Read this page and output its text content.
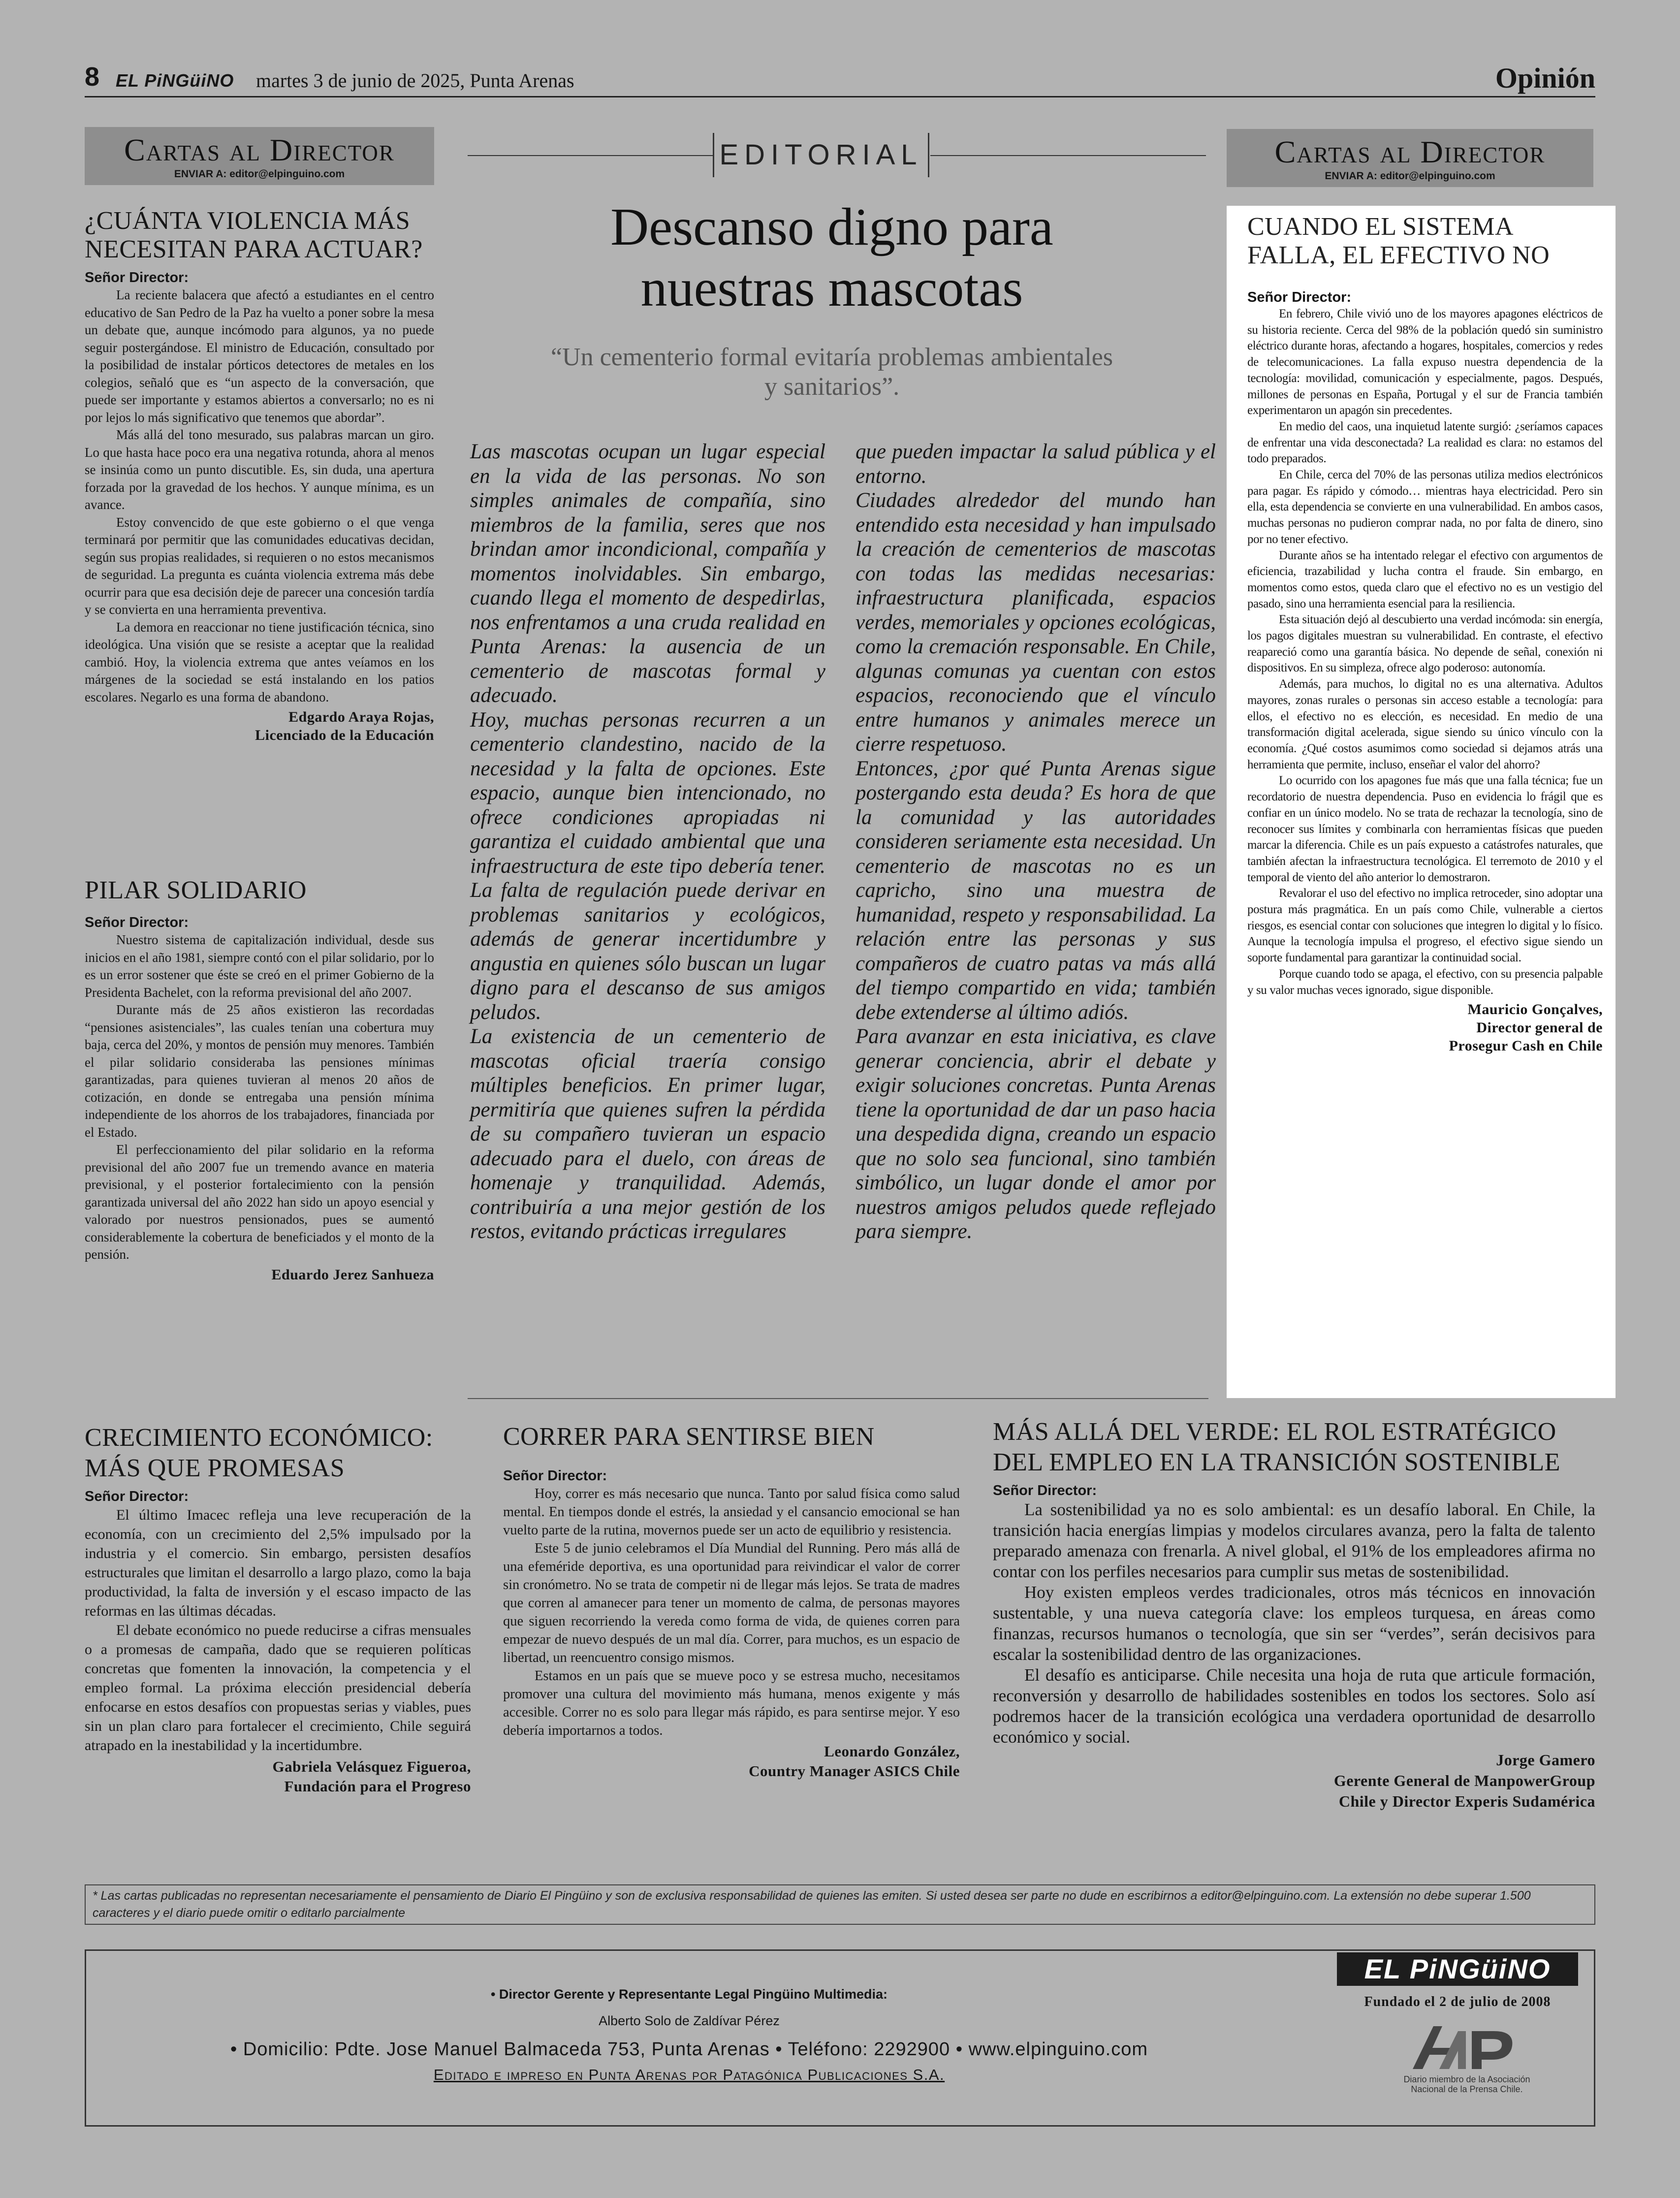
8 EL PiNGüiNO martes 3 de junio de 2025, Punta Arenas	Opinión
Cartas al Director
ENVIAR A: editor@elpinguino.com
¿CUÁNTA VIOLENCIA MÁS NECESITAN PARA ACTUAR?
Señor Director:

La reciente balacera que afectó a estudiantes en el centro educativo de San Pedro de la Paz ha vuelto a poner sobre la mesa un debate que, aunque incómodo para algunos, ya no puede seguir postergándose. El ministro de Educación, consultado por la posibilidad de instalar pórticos detectores de metales en los colegios, señaló que es “un aspecto de la conversación, que puede ser importante y estamos abiertos a conversarlo; no es ni por lejos lo más significativo que tenemos que abordar”.

Más allá del tono mesurado, sus palabras marcan un giro. Lo que hasta hace poco era una negativa rotunda, ahora al menos se insinúa como un punto discutible. Es, sin duda, una apertura forzada por la gravedad de los hechos. Y aunque mínima, es un avance.

Estoy convencido de que este gobierno o el que venga terminará por permitir que las comunidades educativas decidan, según sus propias realidades, si requieren o no estos mecanismos de seguridad. La pregunta es cuánta violencia extrema más debe ocurrir para que esa decisión deje de parecer una concesión tardía y se convierta en una herramienta preventiva.

La demora en reaccionar no tiene justificación técnica, sino ideológica. Una visión que se resiste a aceptar que la realidad cambió. Hoy, la violencia extrema que antes veíamos en los márgenes de la sociedad se está instalando en los patios escolares. Negarlo es una forma de abandono.

Edgardo Araya Rojas,
Licenciado de la Educación
PILAR SOLIDARIO
Señor Director:

Nuestro sistema de capitalización individual, desde sus inicios en el año 1981, siempre contó con el pilar solidario, por lo es un error sostener que éste se creó en el primer Gobierno de la Presidenta Bachelet, con la reforma previsional del año 2007.

Durante más de 25 años existieron las recordadas “pensiones asistenciales”, las cuales tenían una cobertura muy baja, cerca del 20%, y montos de pensión muy menores. También el pilar solidario consideraba las pensiones mínimas garantizadas, para quienes tuvieran al menos 20 años de cotización, en donde se entregaba una pensión mínima independiente de los ahorros de los trabajadores, financiada por el Estado.

El perfeccionamiento del pilar solidario en la reforma previsional del año 2007 fue un tremendo avance en materia previsional, y el posterior fortalecimiento con la pensión garantizada universal del año 2022 han sido un apoyo esencial y valorado por nuestros pensionados, pues se aumentó considerablemente la cobertura de beneficiados y el monto de la pensión.

Eduardo Jerez Sanhueza
EDITORIAL
Descanso digno para nuestras mascotas
“Un cementerio formal evitaría problemas ambientales y sanitarios”.
Las mascotas ocupan un lugar especial en la vida de las personas. No son simples animales de compañía, sino miembros de la familia, seres que nos brindan amor incondicional, compañía y momentos inolvidables. Sin embargo, cuando llega el momento de despedirlas, nos enfrentamos a una cruda realidad en Punta Arenas: la ausencia de un cementerio de mascotas formal y adecuado.
Hoy, muchas personas recurren a un cementerio clandestino, nacido de la necesidad y la falta de opciones. Este espacio, aunque bien intencionado, no ofrece condiciones apropiadas ni garantiza el cuidado ambiental que una infraestructura de este tipo debería tener. La falta de regulación puede derivar en problemas sanitarios y ecológicos, además de generar incertidumbre y angustia en quienes sólo buscan un lugar digno para el descanso de sus amigos peludos.
La existencia de un cementerio de mascotas oficial traería consigo múltiples beneficios. En primer lugar, permitiría que quienes sufren la pérdida de su compañero tuvieran un espacio adecuado para el duelo, con áreas de homenaje y tranquilidad. Además, contribuiría a una mejor gestión de los restos, evitando prácticas irregulares
que pueden impactar la salud pública y el entorno.
Ciudades alrededor del mundo han entendido esta necesidad y han impulsado la creación de cementerios de mascotas con todas las medidas necesarias: infraestructura planificada, espacios verdes, memoriales y opciones ecológicas, como la cremación responsable. En Chile, algunas comunas ya cuentan con estos espacios, reconociendo que el vínculo entre humanos y animales merece un cierre respetuoso.
Entonces, ¿por qué Punta Arenas sigue postergando esta deuda? Es hora de que la comunidad y las autoridades consideren seriamente esta necesidad. Un cementerio de mascotas no es un capricho, sino una muestra de humanidad, respeto y responsabilidad. La relación entre las personas y sus compañeros de cuatro patas va más allá del tiempo compartido en vida; también debe extenderse al último adiós.
Para avanzar en esta iniciativa, es clave generar conciencia, abrir el debate y exigir soluciones concretas. Punta Arenas tiene la oportunidad de dar un paso hacia una despedida digna, creando un espacio que no solo sea funcional, sino también simbólico, un lugar donde el amor por nuestros amigos peludos quede reflejado para siempre.
Cartas al Director
ENVIAR A: editor@elpinguino.com
CUANDO EL SISTEMA FALLA, EL EFECTIVO NO
Señor Director:

En febrero, Chile vivió uno de los mayores apagones eléctricos de su historia reciente. Cerca del 98% de la población quedó sin suministro eléctrico durante horas, afectando a hogares, hospitales, comercios y redes de telecomunicaciones. La falla expuso nuestra dependencia de la tecnología: movilidad, comunicación y especialmente, pagos. Después, millones de personas en España, Portugal y el sur de Francia también experimentaron un apagón sin precedentes.

En medio del caos, una inquietud latente surgió: ¿seríamos capaces de enfrentar una vida desconectada? La realidad es clara: no estamos del todo preparados.

En Chile, cerca del 70% de las personas utiliza medios electrónicos para pagar. Es rápido y cómodo… mientras haya electricidad. Pero sin ella, esta dependencia se convierte en una vulnerabilidad. En ambos casos, muchas personas no pudieron comprar nada, no por falta de dinero, sino por no tener efectivo.

Durante años se ha intentado relegar el efectivo con argumentos de eficiencia, trazabilidad y lucha contra el fraude. Sin embargo, en momentos como estos, queda claro que el efectivo no es un vestigio del pasado, sino una herramienta esencial para la resiliencia.

Esta situación dejó al descubierto una verdad incómoda: sin energía, los pagos digitales muestran su vulnerabilidad. En contraste, el efectivo reapareció como una garantía básica. No depende de señal, conexión ni dispositivos. En su simpleza, ofrece algo poderoso: autonomía.

Además, para muchos, lo digital no es una alternativa. Adultos mayores, zonas rurales o personas sin acceso estable a tecnología: para ellos, el efectivo no es elección, es necesidad. En medio de una transformación digital acelerada, sigue siendo su único vínculo con la economía. ¿Qué costos asumimos como sociedad si dejamos atrás una herramienta que permite, incluso, enseñar el valor del ahorro?

Lo ocurrido con los apagones fue más que una falla técnica; fue un recordatorio de nuestra dependencia. Puso en evidencia lo frágil que es confiar en un único modelo. No se trata de rechazar la tecnología, sino de reconocer sus límites y combinarla con herramientas físicas que pueden marcar la diferencia. Chile es un país expuesto a catástrofes naturales, que también afectan la infraestructura tecnológica. El terremoto de 2010 y el temporal de viento del año anterior lo demostraron.

Revalorar el uso del efectivo no implica retroceder, sino adoptar una postura más pragmática. En un país como Chile, vulnerable a ciertos riesgos, es esencial contar con soluciones que integren lo digital y lo físico. Aunque la tecnología impulsa el progreso, el efectivo sigue siendo un soporte fundamental para garantizar la continuidad social.

Porque cuando todo se apaga, el efectivo, con su presencia palpable y su valor muchas veces ignorado, sigue disponible.

Mauricio Gonçalves,
Director general de
Prosegur Cash en Chile
CRECIMIENTO ECONÓMICO: MÁS QUE PROMESAS
Señor Director:

El último Imacec refleja una leve recuperación de la economía, con un crecimiento del 2,5% impulsado por la industria y el comercio. Sin embargo, persisten desafíos estructurales que limitan el desarrollo a largo plazo, como la baja productividad, la falta de inversión y el escaso impacto de las reformas en las últimas décadas.

El debate económico no puede reducirse a cifras mensuales o a promesas de campaña, dado que se requieren políticas concretas que fomenten la innovación, la competencia y el empleo formal. La próxima elección presidencial debería enfocarse en estos desafíos con propuestas serias y viables, pues sin un plan claro para fortalecer el crecimiento, Chile seguirá atrapado en la inestabilidad y la incertidumbre.

Gabriela Velásquez Figueroa,
Fundación para el Progreso
CORRER PARA SENTIRSE BIEN
Señor Director:

Hoy, correr es más necesario que nunca. Tanto por salud física como salud mental. En tiempos donde el estrés, la ansiedad y el cansancio emocional se han vuelto parte de la rutina, movernos puede ser un acto de equilibrio y resistencia.

Este 5 de junio celebramos el Día Mundial del Running. Pero más allá de una efeméride deportiva, es una oportunidad para reivindicar el valor de correr sin cronómetro. No se trata de competir ni de llegar más lejos. Se trata de madres que corren al amanecer para tener un momento de calma, de personas mayores que siguen recorriendo la vereda como forma de vida, de quienes corren para empezar de nuevo después de un mal día. Correr, para muchos, es un espacio de libertad, un reencuentro consigo mismos.

Estamos en un país que se mueve poco y se estresa mucho, necesitamos promover una cultura del movimiento más humana, menos exigente y más accesible. Correr no es solo para llegar más rápido, es para sentirse mejor. Y eso debería importarnos a todos.

Leonardo González,
Country Manager ASICS Chile
MÁS ALLÁ DEL VERDE: EL ROL ESTRATÉGICO DEL EMPLEO EN LA TRANSICIÓN SOSTENIBLE
Señor Director:

La sostenibilidad ya no es solo ambiental: es un desafío laboral. En Chile, la transición hacia energías limpias y modelos circulares avanza, pero la falta de talento preparado amenaza con frenarla. A nivel global, el 91% de los empleadores afirma no contar con los perfiles necesarios para cumplir sus metas de sostenibilidad.

Hoy existen empleos verdes tradicionales, otros más técnicos en innovación sustentable, y una nueva categoría clave: los empleos turquesa, en áreas como finanzas, recursos humanos o tecnología, que sin ser “verdes”, serán decisivos para escalar la sostenibilidad dentro de las organizaciones.

El desafío es anticiparse. Chile necesita una hoja de ruta que articule formación, reconversión y desarrollo de habilidades sostenibles en todos los sectores. Solo así podremos hacer de la transición ecológica una verdadera oportunidad de desarrollo económico y social.

Jorge Gamero
Gerente General de ManpowerGroup
Chile y Director Experis Sudamérica
* Las cartas publicadas no representan necesariamente el pensamiento de Diario El Pingüino y son de exclusiva responsabilidad de quienes las emiten. Si usted desea ser parte no dude en escribirnos a editor@elpinguino.com. La extensión no debe superar 1.500 caracteres y el diario puede omitir o editarlo parcialmente
• Director Gerente y Representante Legal Pingüino Multimedia:
Alberto Solo de Zaldívar Pérez
• Domicilio: Pdte. Jose Manuel Balmaceda 753, Punta Arenas • Teléfono: 2292900 • www.elpinguino.com
Editado e impreso en Punta Arenas por Patagónica Publicaciones S.A.
EL PiNGüiNO
Fundado el 2 de julio de 2008
Diario miembro de la Asociación
Nacional de la Prensa Chile.
